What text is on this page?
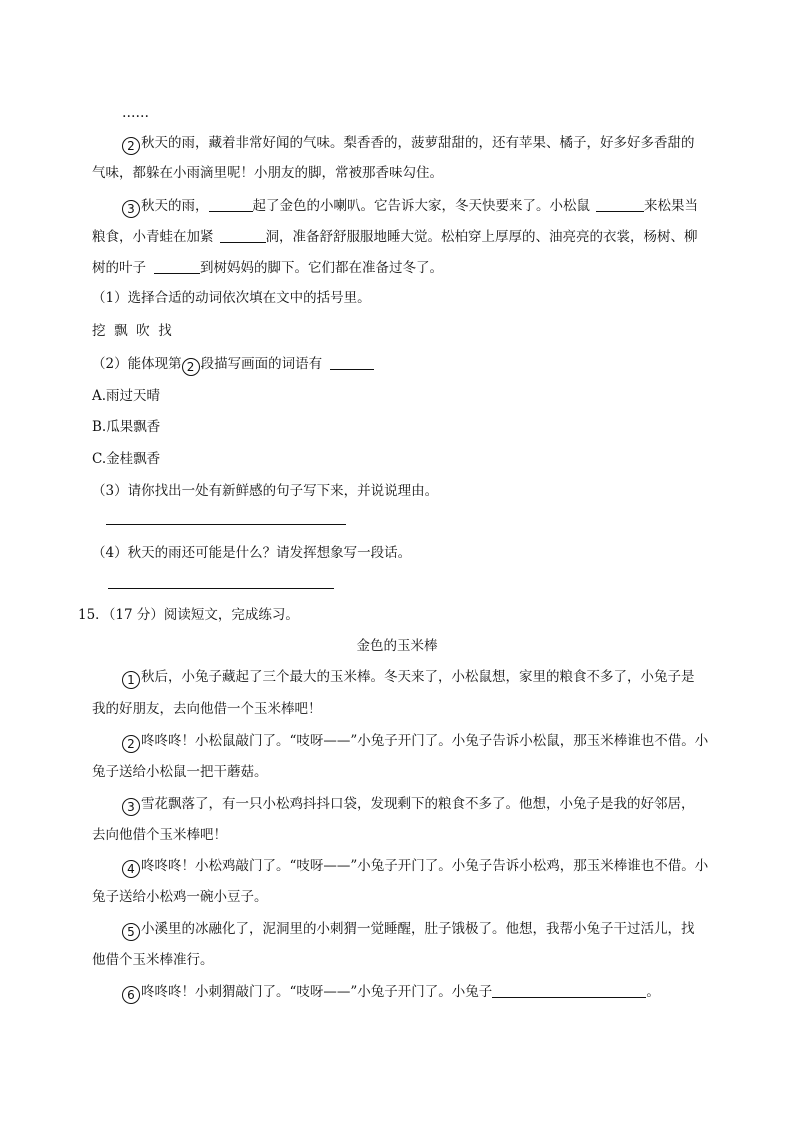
……
2 秋天的雨，藏着非常好闻的气味。梨香香的，菠萝甜甜的，还有苹果、橘子，好多好多香甜的
气味，都躲在小雨滴里呢！小朋友的脚，常被那香味勾住。
3 秋天的雨，	起了金色的小喇叭。它告诉大家，冬天快要来了。小松鼠	来松果当
粮食，小青蛙在加紧	洞，准备舒舒服服地睡大觉。松柏穿上厚厚的、油亮亮的衣裳，杨树、柳
树的叶子	到树妈妈的脚下。它们都在准备过冬了。
（1）选择合适的动词依次填在文中的括号里。
挖  飘  吹  找
（2）能体现第 2 段描写画面的词语有
A.雨过天晴
B.瓜果飘香
C.金桂飘香
（3）请你找出一处有新鲜感的句子写下来，并说说理由。
（4）秋天的雨还可能是什么？请发挥想象写一段话。
15．（17 分）阅读短文，完成练习。
金色的玉米棒
1 秋后，小兔子藏起了三个最大的玉米棒。冬天来了，小松鼠想，家里的粮食不多了，小兔子是
我的好朋友，去向他借一个玉米棒吧！
2 咚咚咚！小松鼠敲门了。“吱呀——”小兔子开门了。小兔子告诉小松鼠，那玉米棒谁也不借。小
兔子送给小松鼠一把干蘑菇。
3 雪花飘落了，有一只小松鸡抖抖口袋，发现剩下的粮食不多了。他想，小兔子是我的好邻居，
去向他借个玉米棒吧！
4 咚咚咚！小松鸡敲门了。“吱呀——”小兔子开门了。小兔子告诉小松鸡，那玉米棒谁也不借。小
兔子送给小松鸡一碗小豆子。
5 小溪里的冰融化了，泥洞里的小刺猬一觉睡醒，肚子饿极了。他想，我帮小兔子干过活儿，找
他借个玉米棒准行。
6 咚咚咚！小刺猬敲门了。“吱呀——”小兔子开门了。小兔子	。
